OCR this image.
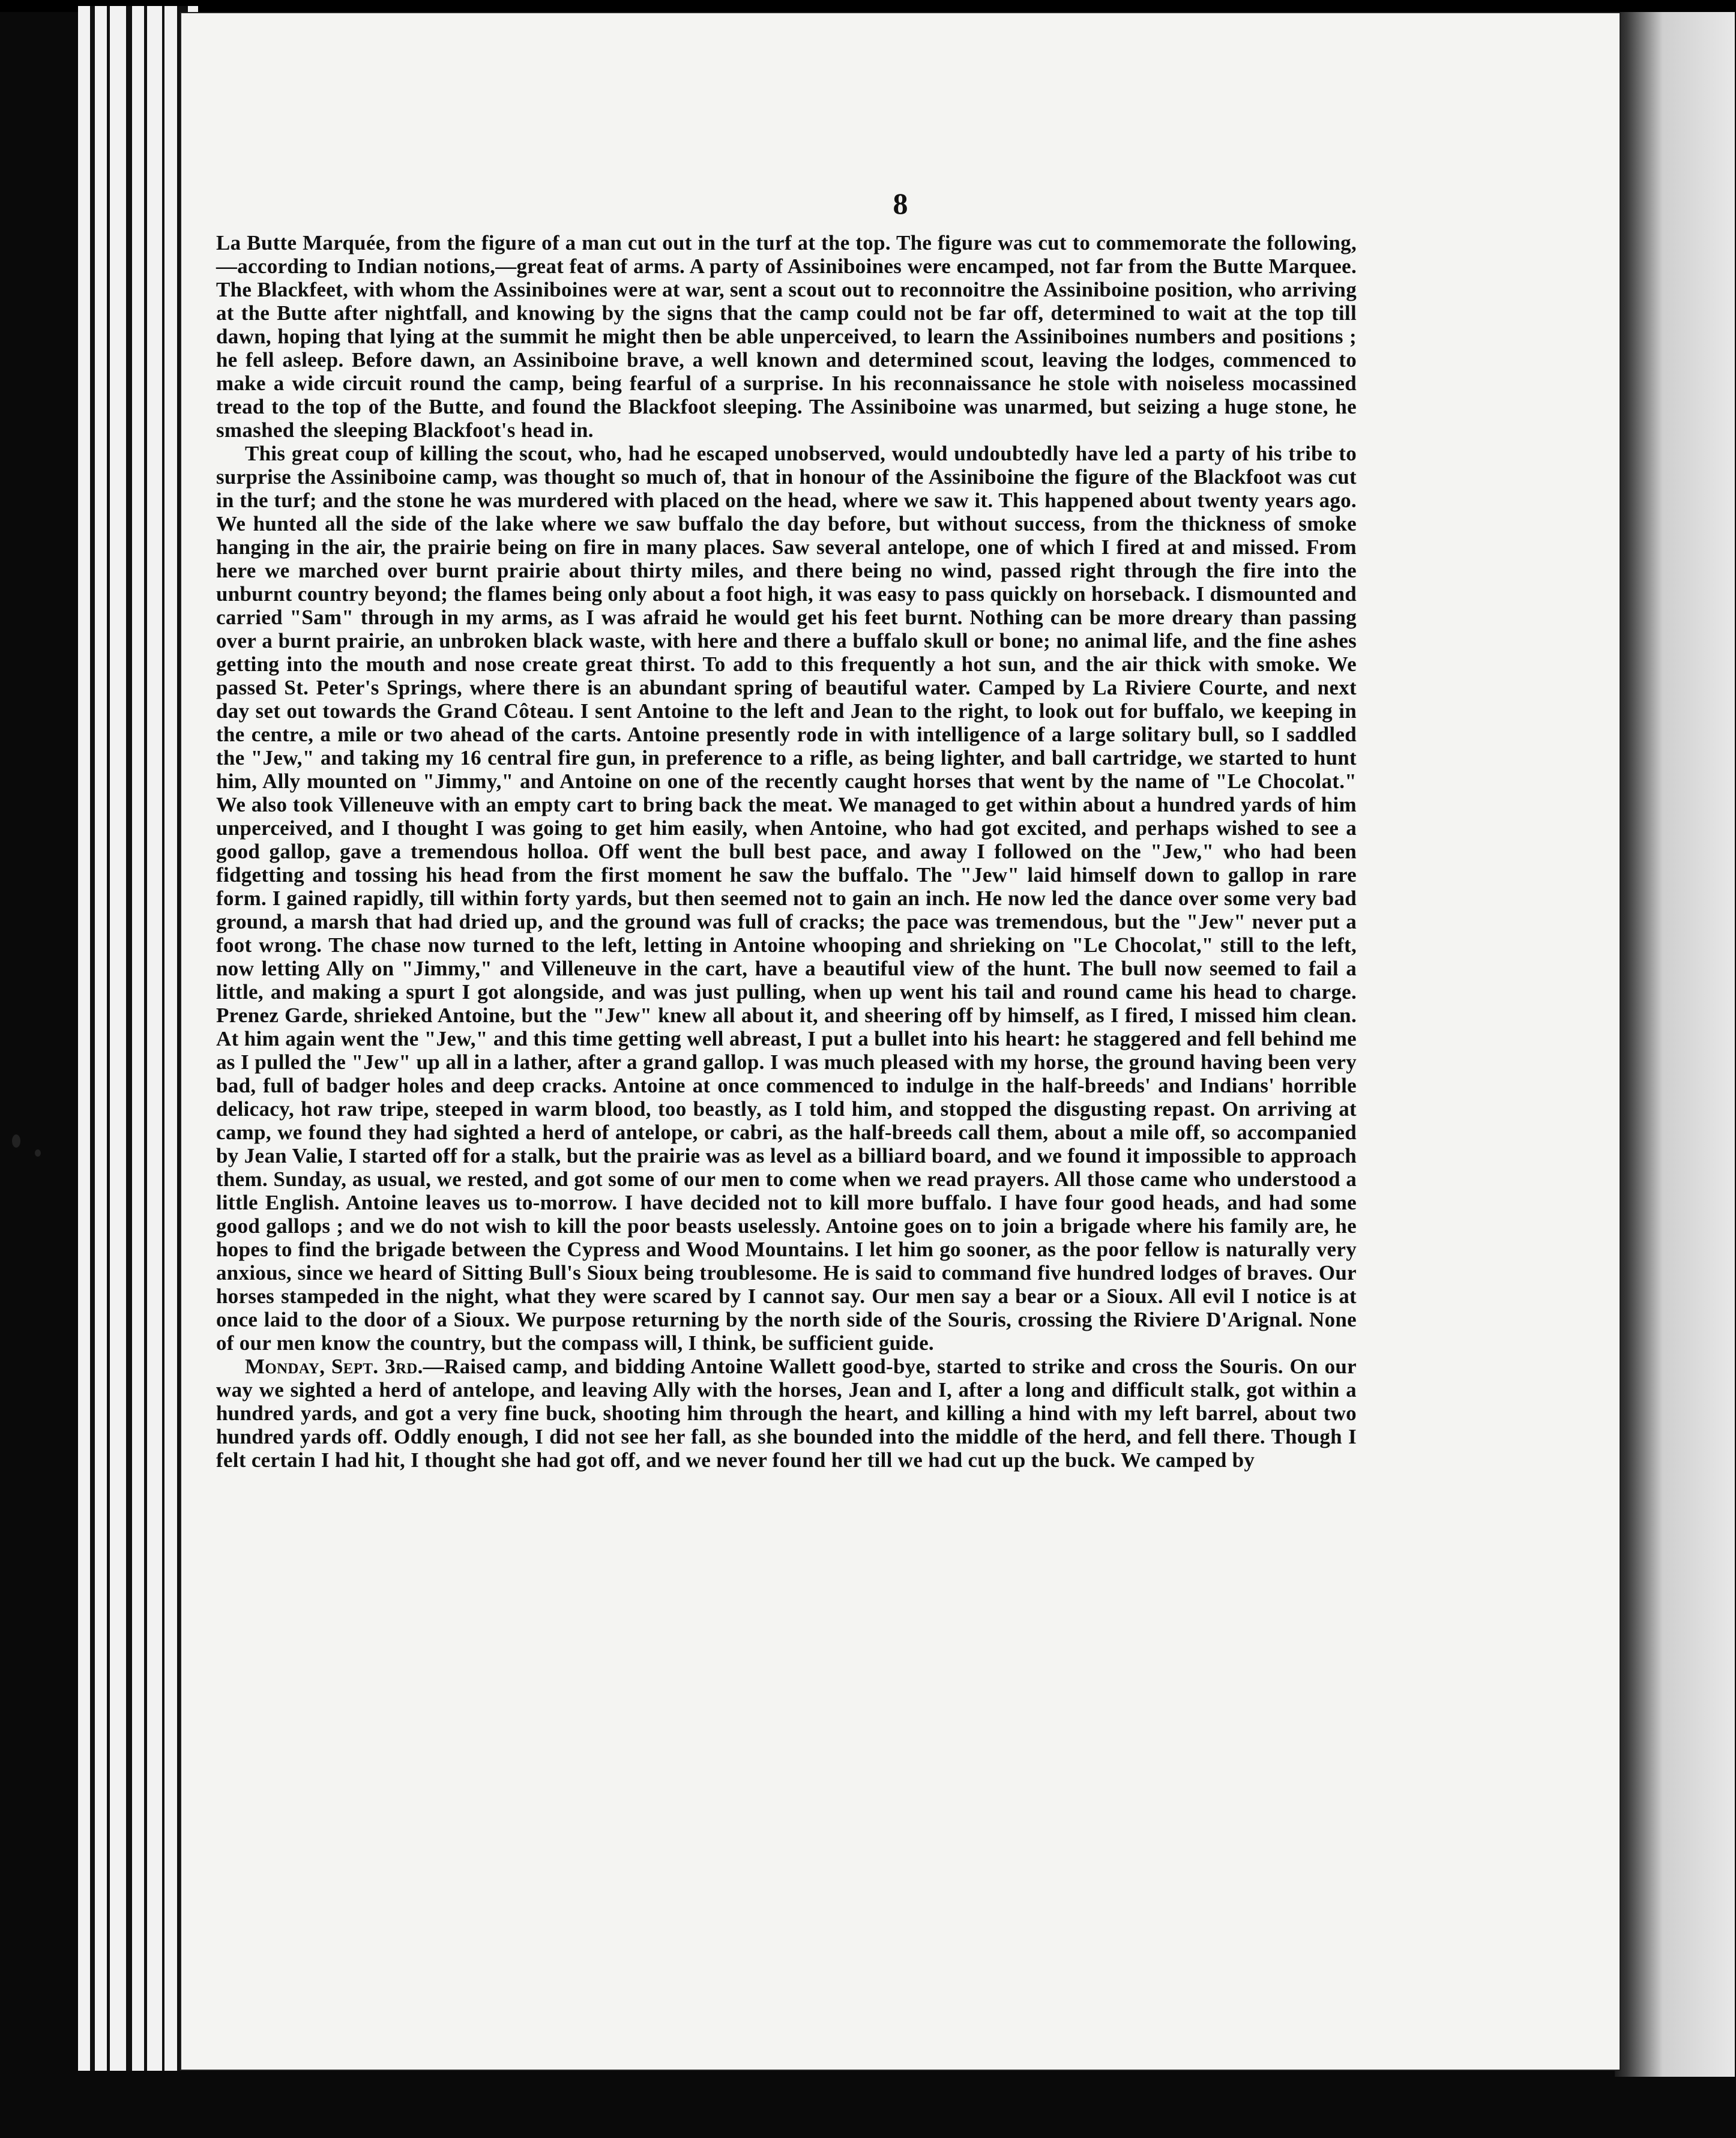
8

La Butte Marquée, from the figure of a man cut out in the turf at the top. The figure was cut to commemorate the following,—according to Indian notions,—great feat of arms. A party of Assiniboines were encamped, not far from the Butte Marquee. The Blackfeet, with whom the Assiniboines were at war, sent a scout out to reconnoitre the Assiniboine position, who arriving at the Butte after nightfall, and knowing by the signs that the camp could not be far off, determined to wait at the top till dawn, hoping that lying at the summit he might then be able unperceived, to learn the Assiniboines numbers and positions ; he fell asleep. Before dawn, an Assiniboine brave, a well known and determined scout, leaving the lodges, commenced to make a wide circuit round the camp, being fearful of a surprise. In his reconnaissance he stole with noiseless mocassined tread to the top of the Butte, and found the Blackfoot sleeping. The Assiniboine was unarmed, but seizing a huge stone, he smashed the sleeping Blackfoot's head in.

This great coup of killing the scout, who, had he escaped unobserved, would undoubtedly have led a party of his tribe to surprise the Assiniboine camp, was thought so much of, that in honour of the Assiniboine the figure of the Blackfoot was cut in the turf; and the stone he was murdered with placed on the head, where we saw it. This happened about twenty years ago. We hunted all the side of the lake where we saw buffalo the day before, but without success, from the thickness of smoke hanging in the air, the prairie being on fire in many places. Saw several antelope, one of which I fired at and missed. From here we marched over burnt prairie about thirty miles, and there being no wind, passed right through the fire into the unburnt country beyond; the flames being only about a foot high, it was easy to pass quickly on horseback. I dismounted and carried "Sam" through in my arms, as I was afraid he would get his feet burnt. Nothing can be more dreary than passing over a burnt prairie, an unbroken black waste, with here and there a buffalo skull or bone; no animal life, and the fine ashes getting into the mouth and nose create great thirst. To add to this frequently a hot sun, and the air thick with smoke. We passed St. Peter's Springs, where there is an abundant spring of beautiful water. Camped by La Riviere Courte, and next day set out towards the Grand Côteau. I sent Antoine to the left and Jean to the right, to look out for buffalo, we keeping in the centre, a mile or two ahead of the carts. Antoine presently rode in with intelligence of a large solitary bull, so I saddled the "Jew," and taking my 16 central fire gun, in preference to a rifle, as being lighter, and ball cartridge, we started to hunt him, Ally mounted on "Jimmy," and Antoine on one of the recently caught horses that went by the name of "Le Chocolat." We also took Villeneuve with an empty cart to bring back the meat. We managed to get within about a hundred yards of him unperceived, and I thought I was going to get him easily, when Antoine, who had got excited, and perhaps wished to see a good gallop, gave a tremendous holloa. Off went the bull best pace, and away I followed on the "Jew," who had been fidgetting and tossing his head from the first moment he saw the buffalo. The "Jew" laid himself down to gallop in rare form. I gained rapidly, till within forty yards, but then seemed not to gain an inch. He now led the dance over some very bad ground, a marsh that had dried up, and the ground was full of cracks; the pace was tremendous, but the "Jew" never put a foot wrong. The chase now turned to the left, letting in Antoine whooping and shrieking on "Le Chocolat," still to the left, now letting Ally on "Jimmy," and Villeneuve in the cart, have a beautiful view of the hunt. The bull now seemed to fail a little, and making a spurt I got alongside, and was just pulling, when up went his tail and round came his head to charge. Prenez Garde, shrieked Antoine, but the "Jew" knew all about it, and sheering off by himself, as I fired, I missed him clean. At him again went the "Jew," and this time getting well abreast, I put a bullet into his heart: he staggered and fell behind me as I pulled the "Jew" up all in a lather, after a grand gallop. I was much pleased with my horse, the ground having been very bad, full of badger holes and deep cracks. Antoine at once commenced to indulge in the half-breeds' and Indians' horrible delicacy, hot raw tripe, steeped in warm blood, too beastly, as I told him, and stopped the disgusting repast. On arriving at camp, we found they had sighted a herd of antelope, or cabri, as the half-breeds call them, about a mile off, so accompanied by Jean Valie, I started off for a stalk, but the prairie was as level as a billiard board, and we found it impossible to approach them. Sunday, as usual, we rested, and got some of our men to come when we read prayers. All those came who understood a little English. Antoine leaves us to-morrow. I have decided not to kill more buffalo. I have four good heads, and had some good gallops ; and we do not wish to kill the poor beasts uselessly. Antoine goes on to join a brigade where his family are, he hopes to find the brigade between the Cypress and Wood Mountains. I let him go sooner, as the poor fellow is naturally very anxious, since we heard of Sitting Bull's Sioux being troublesome. He is said to command five hundred lodges of braves. Our horses stampeded in the night, what they were scared by I cannot say. Our men say a bear or a Sioux. All evil I notice is at once laid to the door of a Sioux. We purpose returning by the north side of the Souris, crossing the Riviere D'Arignal. None of our men know the country, but the compass will, I think, be sufficient guide.

Monday, Sept. 3rd.—Raised camp, and bidding Antoine Wallett good-bye, started to strike and cross the Souris. On our way we sighted a herd of antelope, and leaving Ally with the horses, Jean and I, after a long and difficult stalk, got within a hundred yards, and got a very fine buck, shooting him through the heart, and killing a hind with my left barrel, about two hundred yards off. Oddly enough, I did not see her fall, as she bounded into the middle of the herd, and fell there. Though I felt certain I had hit, I thought she had got off, and we never found her till we had cut up the buck. We camped by
